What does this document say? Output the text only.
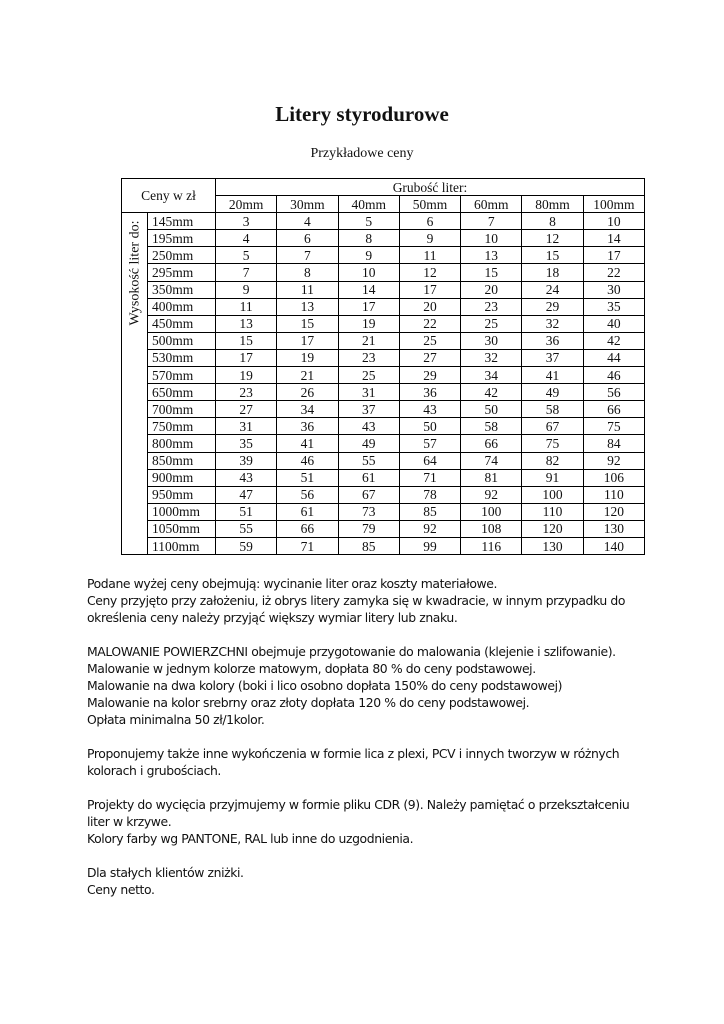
Litery styrodurowe
Przykładowe ceny
Ceny w zł		Grubość liter:						
		20mm	30mm	40mm	50mm	60mm	80mm	100mm

Wysokość liter do:	145mm	3	4	5	6	7	8	10
	195mm	4	6	8	9	10	12	14
	250mm	5	7	9	11	13	15	17
	295mm	7	8	10	12	15	18	22
	350mm	9	11	14	17	20	24	30
	400mm	11	13	17	20	23	29	35
	450mm	13	15	19	22	25	32	40
	500mm	15	17	21	25	30	36	42
	530mm	17	19	23	27	32	37	44
	570mm	19	21	25	29	34	41	46
	650mm	23	26	31	36	42	49	56
	700mm	27	34	37	43	50	58	66
	750mm	31	36	43	50	58	67	75
	800mm	35	41	49	57	66	75	84
	850mm	39	46	55	64	74	82	92
	900mm	43	51	61	71	81	91	106
	950mm	47	56	67	78	92	100	110
	1000mm	51	61	73	85	100	110	120
	1050mm	55	66	79	92	108	120	130
	1100mm	59	71	85	99	116	130	140

Podane wyżej ceny obejmują: wycinanie liter oraz koszty materiałowe.
Ceny przyjęto przy założeniu, iż obrys litery zamyka się w kwadracie, w innym przypadku do określenia ceny należy przyjąć większy wymiar litery lub znaku.

MALOWANIE POWIERZCHNI obejmuje przygotowanie do malowania (klejenie i szlifowanie).
Malowanie w jednym kolorze matowym, dopłata 80 % do ceny podstawowej.
Malowanie na dwa kolory (boki i lico osobno dopłata 150% do ceny podstawowej)
Malowanie na kolor srebrny oraz złoty dopłata 120 % do ceny podstawowej.
Opłata minimalna 50 zł/1kolor.

Proponujemy także inne wykończenia w formie lica z plexi, PCV i innych tworzyw w różnych kolorach i grubościach.

Projekty do wycięcia przyjmujemy w formie pliku CDR (9). Należy pamiętać o przekształceniu liter w krzywe.
Kolory farby wg PANTONE, RAL lub inne do uzgodnienia.

Dla stałych klientów zniżki.
Ceny netto.
